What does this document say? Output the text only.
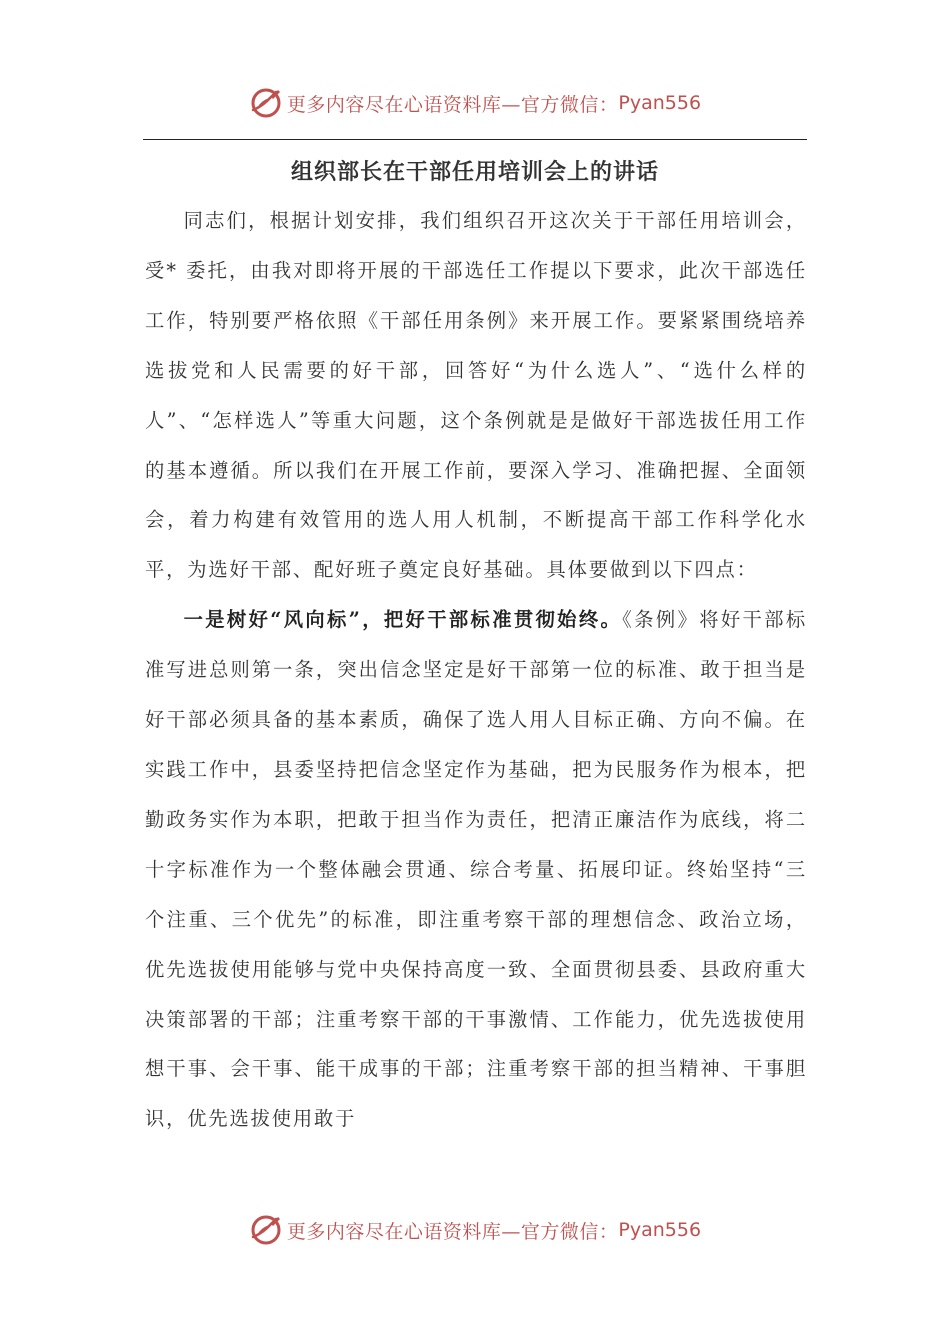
更多内容尽在心语资料库—官方微信： Pyan556
组织部长在干部任用培训会上的讲话

同志们，根据计划安排，我们组织召开这次关于干部任用培训会，受* 委托，由我对即将开展的干部选任工作提以下要求，此次干部选任工作，特别要严格依照《干部任用条例》来开展工作。要紧紧围绕培养选拔党和人民需要的好干部，回答好“为什么选人”、“选什么样的人”、“怎样选人”等重大问题，这个条例就是是做好干部选拔任用工作的基本遵循。所以我们在开展工作前，要深入学习、准确把握、全面领会，着力构建有效管用的选人用人机制，不断提高干部工作科学化水平，为选好干部、配好班子奠定良好基础。具体要做到以下四点：

一是树好“风向标”，把好干部标准贯彻始终。《条例》将好干部标准写进总则第一条，突出信念坚定是好干部第一位的标准、敢于担当是好干部必须具备的基本素质，确保了选人用人目标正确、方向不偏。在实践工作中，县委坚持把信念坚定作为基础，把为民服务作为根本，把勤政务实作为本职，把敢于担当作为责任，把清正廉洁作为底线，将二十字标准作为一个整体融会贯通、综合考量、拓展印证。终始坚持“三个注重、三个优先”的标准，即注重考察干部的理想信念、政治立场，优先选拔使用能够与党中央保持高度一致、全面贯彻县委、县政府重大决策部署的干部；注重考察干部的干事激情、工作能力，优先选拔使用想干事、会干事、能干成事的干部；注重考察干部的担当精神、干事胆识，优先选拔使用敢于

更多内容尽在心语资料库—官方微信： Pyan556
